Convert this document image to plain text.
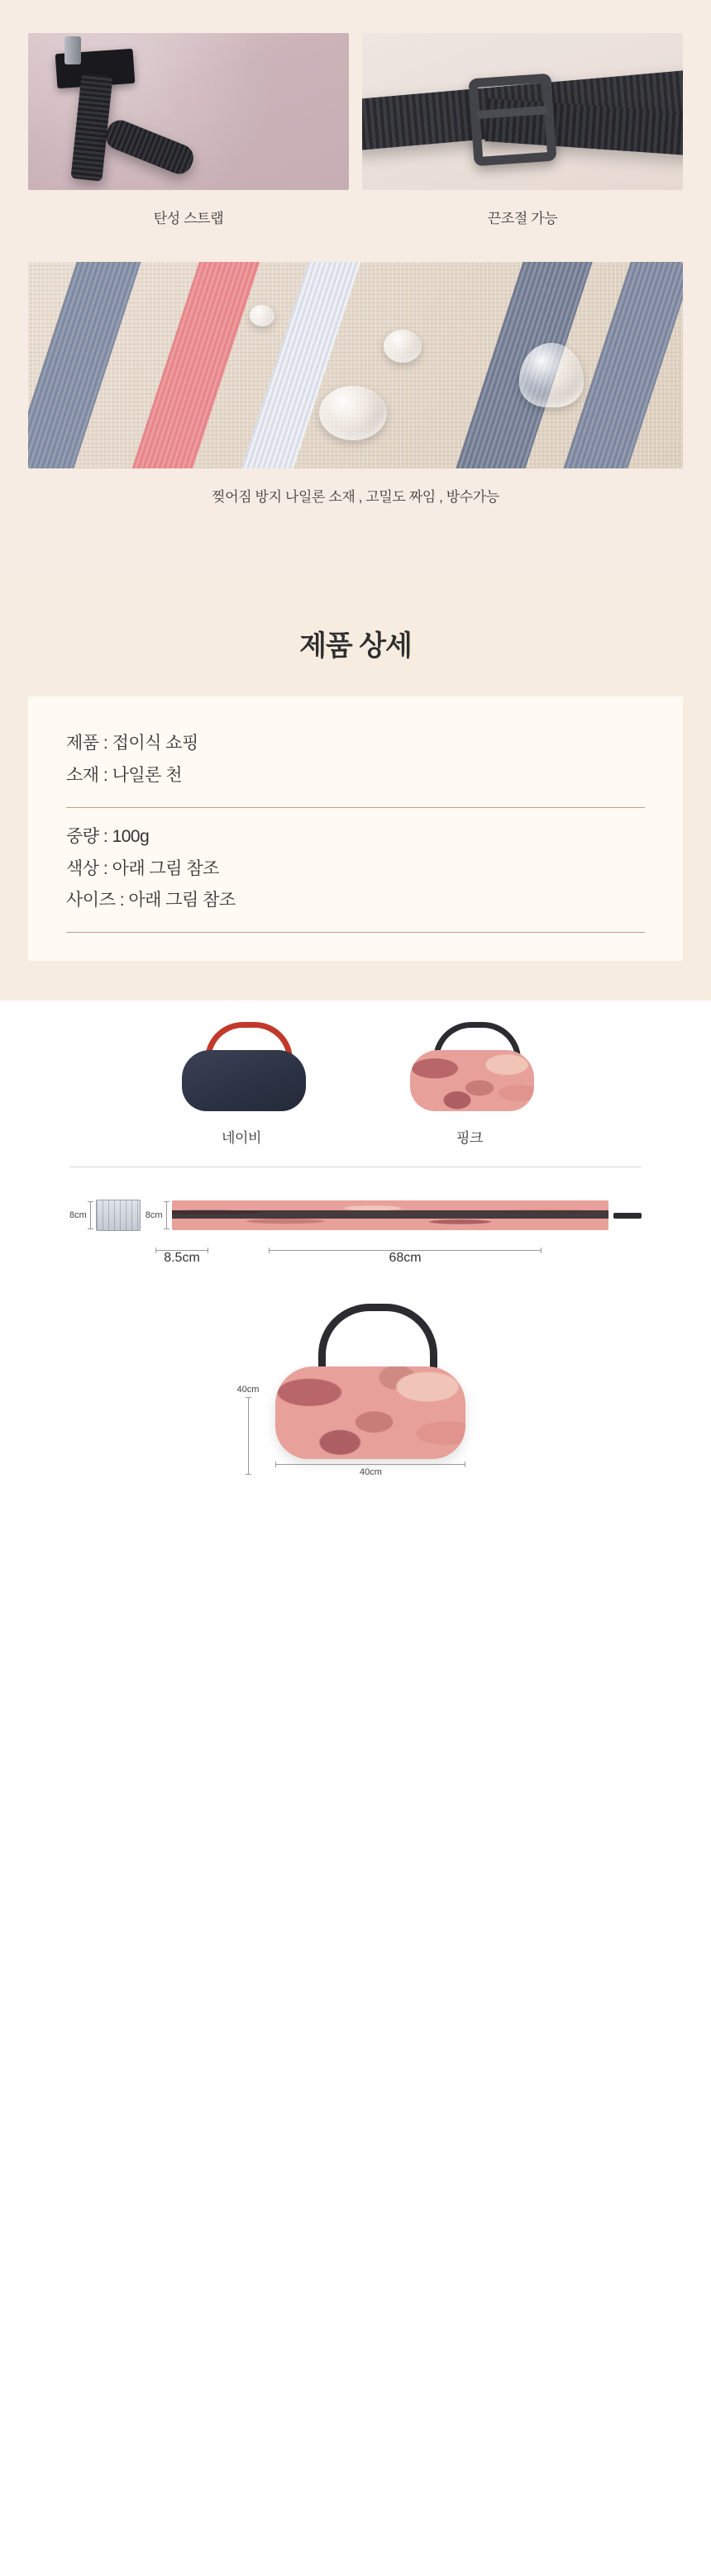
탄성 스트랩	끈조절 가능
찢어짐 방지 나일론 소재 , 고밀도 짜임 , 방수가능
제품 상세
제품 : 접이식 쇼핑
소재 : 나일론 천
중량 : 100g
색상 : 아래 그림 참조
사이즈 : 아래 그림 참조
네이비	핑크
8cm	8cm
8.5cm	68cm
40cm
40cm
